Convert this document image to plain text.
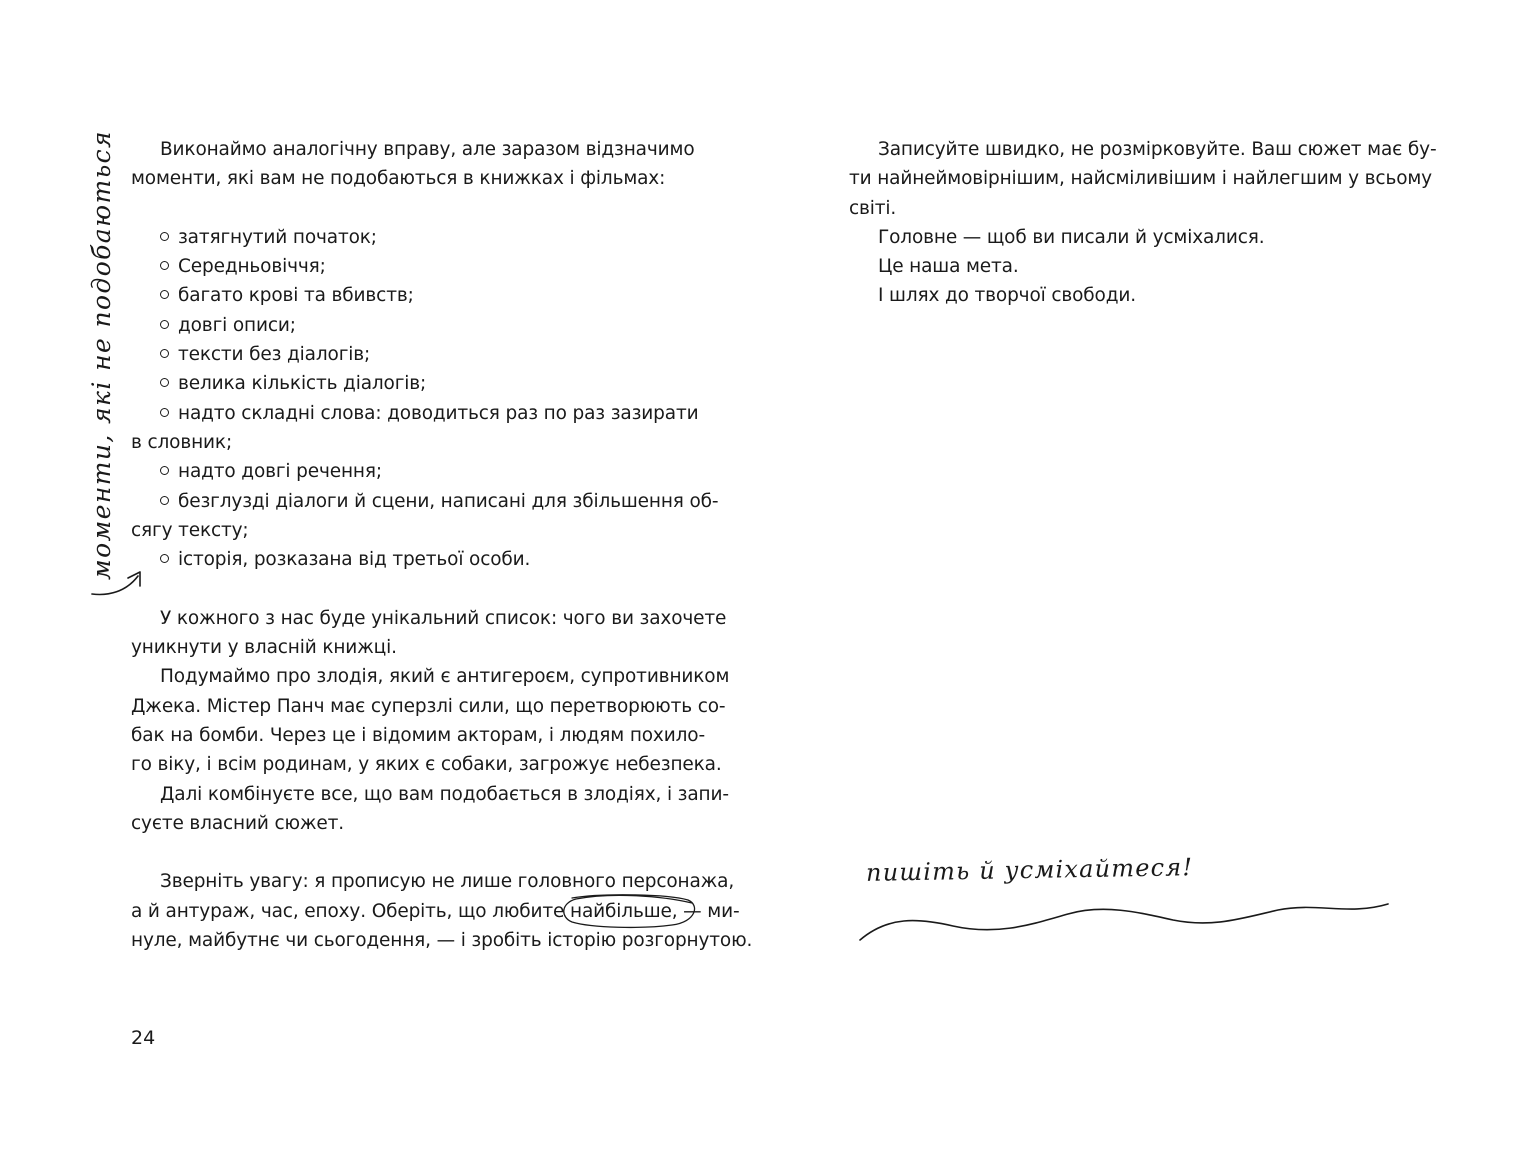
Виконаймо аналогічну вправу, але заразом відзначимо
моменти, які вам не подобаються в книжках і фільмах:
затягнутий початок;
Середньовіччя;
багато крові та вбивств;
довгі описи;
тексти без діалогів;
велика кількість діалогів;
надто складні слова: доводиться раз по раз зазирати
в словник;
надто довгі речення;
безглузді діалоги й сцени, написані для збільшення об-
сягу тексту;
історія, розказана від третьої особи.
У кожного з нас буде унікальний список: чого ви захочете
уникнути у власній книжці.
Подумаймо про злодія, який є антигероєм, супротивником
Джека. Містер Панч має суперзлі сили, що перетворюють со-
бак на бомби. Через це і відомим акторам, і людям похило-
го віку, і всім родинам, у яких є собаки, загрожує небезпека.
Далі комбінуєте все, що вам подобається в злодіях, і запи-
суєте власний сюжет.
Зверніть увагу: я прописую не лише головного персонажа,
а й антураж, час, епоху. Оберіть, що любите найбільше, —
ми-
нуле, майбутнє чи сьогодення, — і зробіть історію розгорнутою.
24
моменти, які не подобаються	Записуйте швидко, не розмірковуйте. Ваш сюжет має бу-
ти найнеймовірнішим, найсміливішим і найлегшим у всьому
світі.
Головне — щоб ви писали й усміхалися.
Це наша мета.
І шлях до творчої свободи.
пишіть й усміхайтеся!
